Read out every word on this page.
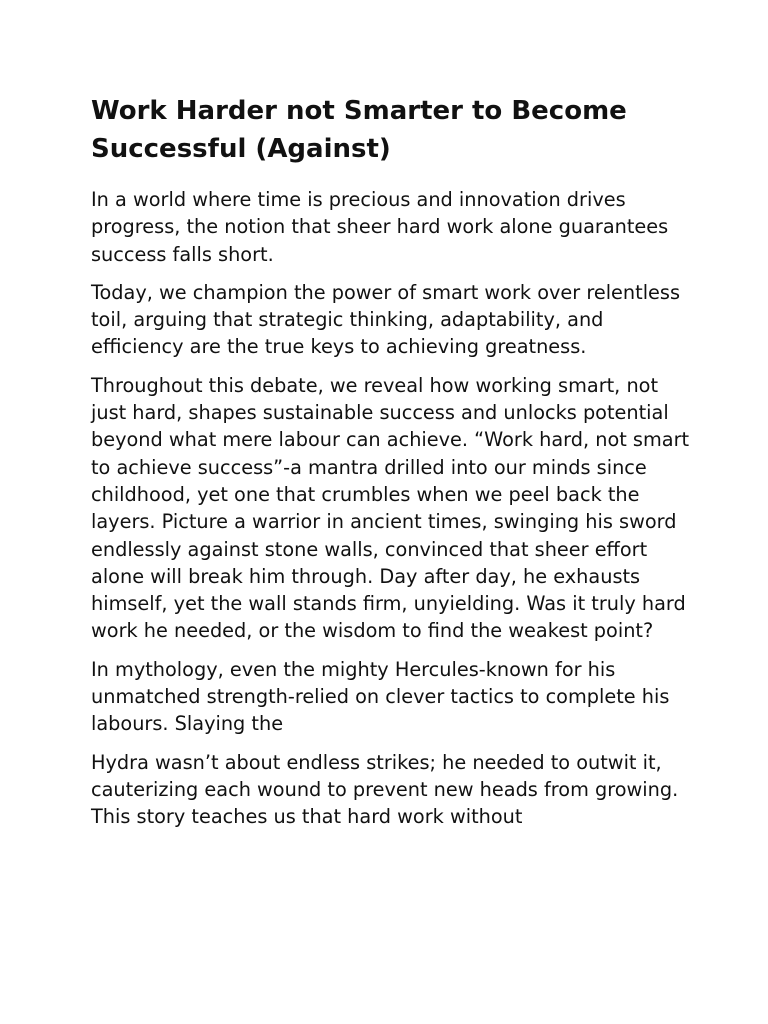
Work Harder not Smarter to Become Successful (Against)

In a world where time is precious and innovation drives progress, the notion that sheer hard work alone guarantees success falls short.

Today, we champion the power of smart work over relentless toil, arguing that strategic thinking, adaptability, and efficiency are the true keys to achieving greatness.

Throughout this debate, we reveal how working smart, not just hard, shapes sustainable success and unlocks potential beyond what mere labour can achieve. “Work hard, not smart to achieve success”-a mantra drilled into our minds since childhood, yet one that crumbles when we peel back the layers. Picture a warrior in ancient times, swinging his sword endlessly against stone walls, convinced that sheer effort alone will break him through. Day after day, he exhausts himself, yet the wall stands firm, unyielding. Was it truly hard work he needed, or the wisdom to find the weakest point?

In mythology, even the mighty Hercules-known for his unmatched strength-relied on clever tactics to complete his labours. Slaying the

Hydra wasn’t about endless strikes; he needed to outwit it, cauterizing each wound to prevent new heads from growing. This story teaches us that hard work without
